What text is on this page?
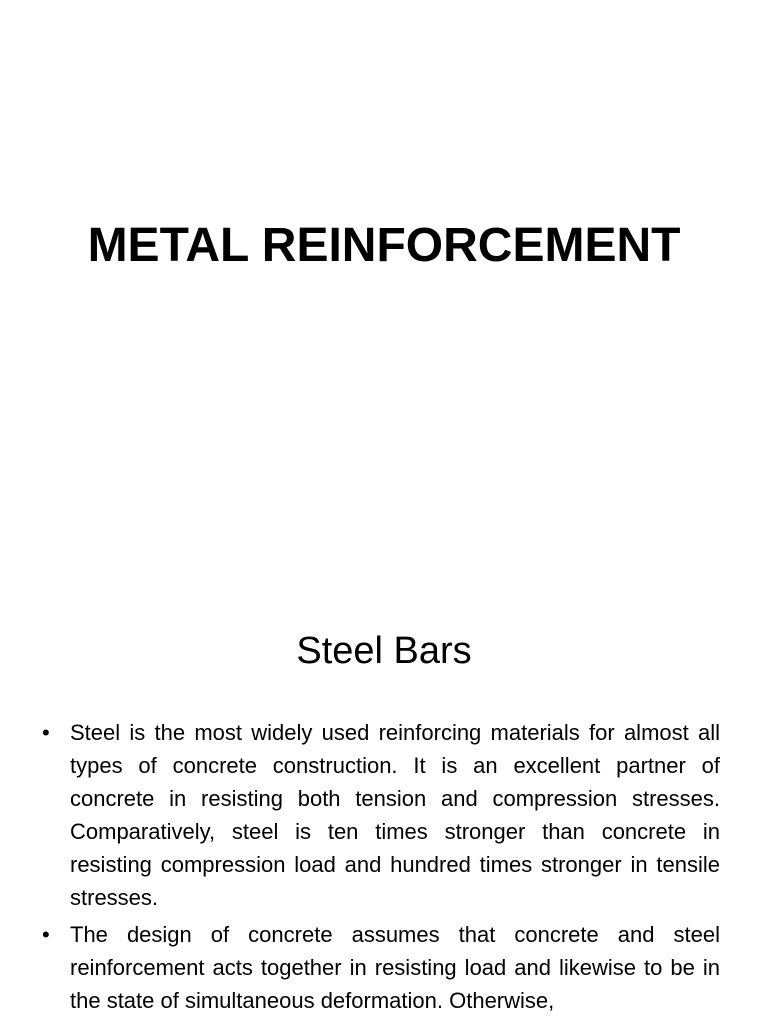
METAL REINFORCEMENT
Steel Bars
• Steel is the most widely used reinforcing materials for almost all types of concrete construction. It is an excellent partner of concrete in resisting both tension and compression stresses. Comparatively, steel is ten times stronger than concrete in resisting compression load and hundred times stronger in tensile stresses.
• The design of concrete assumes that concrete and steel reinforcement acts together in resisting load and likewise to be in the state of simultaneous deformation. Otherwise,
